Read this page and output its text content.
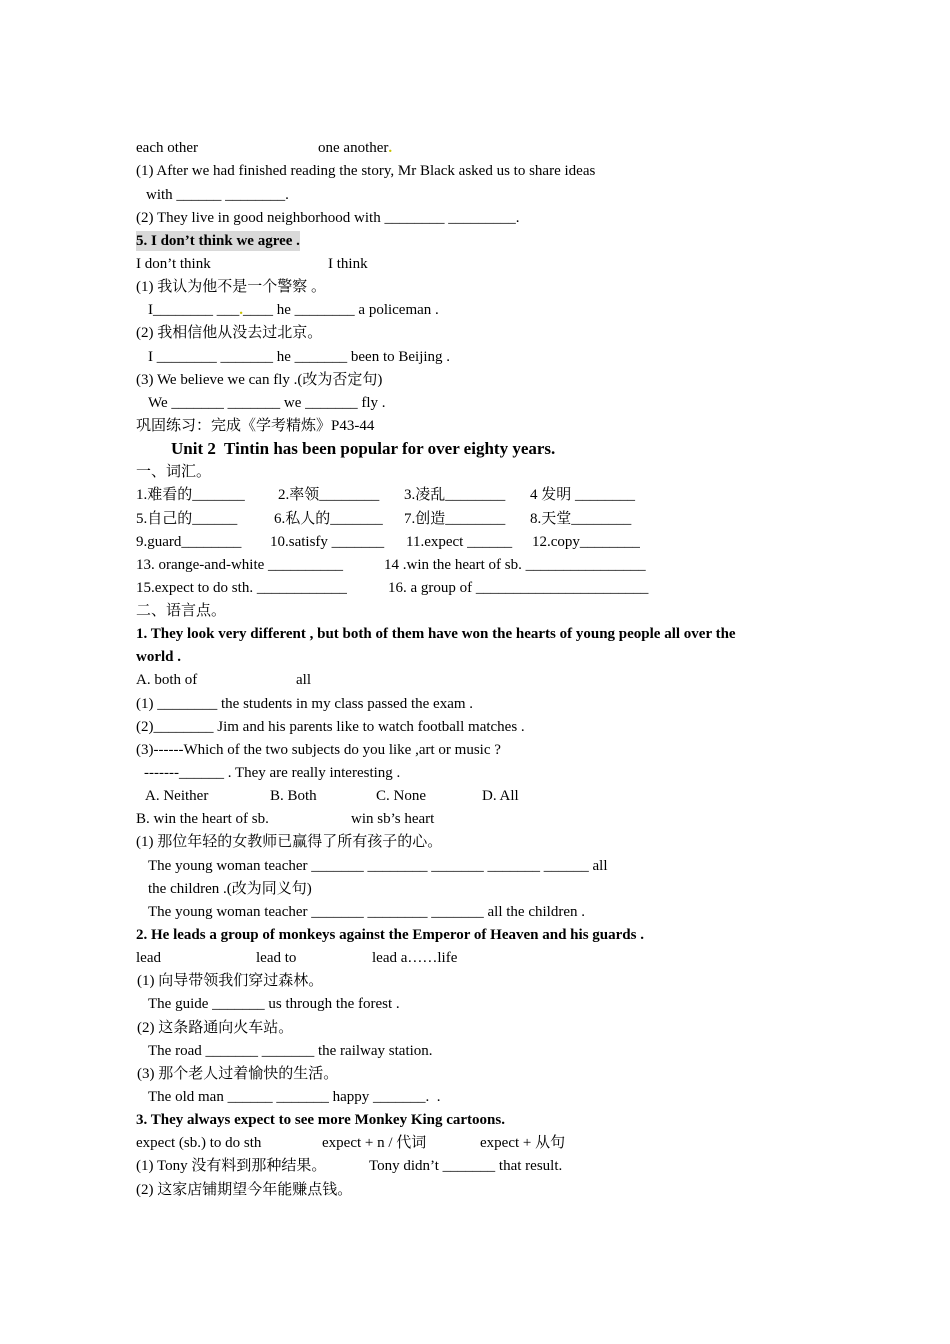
each other	one another.
(1) After we had finished reading the story, Mr Black asked us to share ideas
with ______ ________.
(2) They live in good neighborhood with ________ _________.
5. I don’t think we agree .
I don’t think	I think
(1) 我认为他不是一个警察 。
I________ ___.____ he ________ a policeman .
(2) 我相信他从没去过北京。
I ________ _______ he _______ been to Beijing .
(3) We believe we can fly .(改为否定句)
We _______ _______ we _______ fly .
巩固练习：完成《学考精炼》P43-44
Unit 2  Tintin has been popular for over eighty years.
一、词汇。
1.难看的_______ 2.率领________ 3.凌乱________ 4 发明 ________
5.自己的______ 6.私人的_______ 7.创造________ 8.天堂________
9.guard________ 10.satisfy _______ 11.expect ______ 12.copy________
13. orange-and-white __________	14 .win the heart of sb. ________________
15.expect to do sth. ____________	16. a group of _______________________
二、语言点。
1. They look very different , but both of them have won the hearts of young people all over the
world .
A. both of	all
(1) ________ the students in my class passed the exam .
(2)________ Jim and his parents like to watch football matches .
(3)------Which of the two subjects do you like ,art or music ?
-------______ . They are really interesting .
A. Neither	B. Both	C. None	D. All
B. win the heart of sb.	win sb’s heart
(1) 那位年轻的女教师已赢得了所有孩子的心。
The young woman teacher _______ ________ _______ _______ ______ all
the children .(改为同义句)
The young woman teacher _______ ________ _______ all the children .
2. He leads a group of monkeys against the Emperor of Heaven and his guards .
lead	lead to	lead a……life
(1) 向导带领我们穿过森林。
The guide _______ us through the forest .
(2) 这条路通向火车站。
The road _______ _______ the railway station.
(3) 那个老人过着愉快的生活。
The old man ______ _______ happy _______.  .
3. They always expect to see more Monkey King cartoons.
expect (sb.) to do sth	expect + n / 代词	expect + 从句
(1) Tony 没有料到那种结果。	Tony didn’t _______ that result.
(2) 这家店铺期望今年能赚点钱。
